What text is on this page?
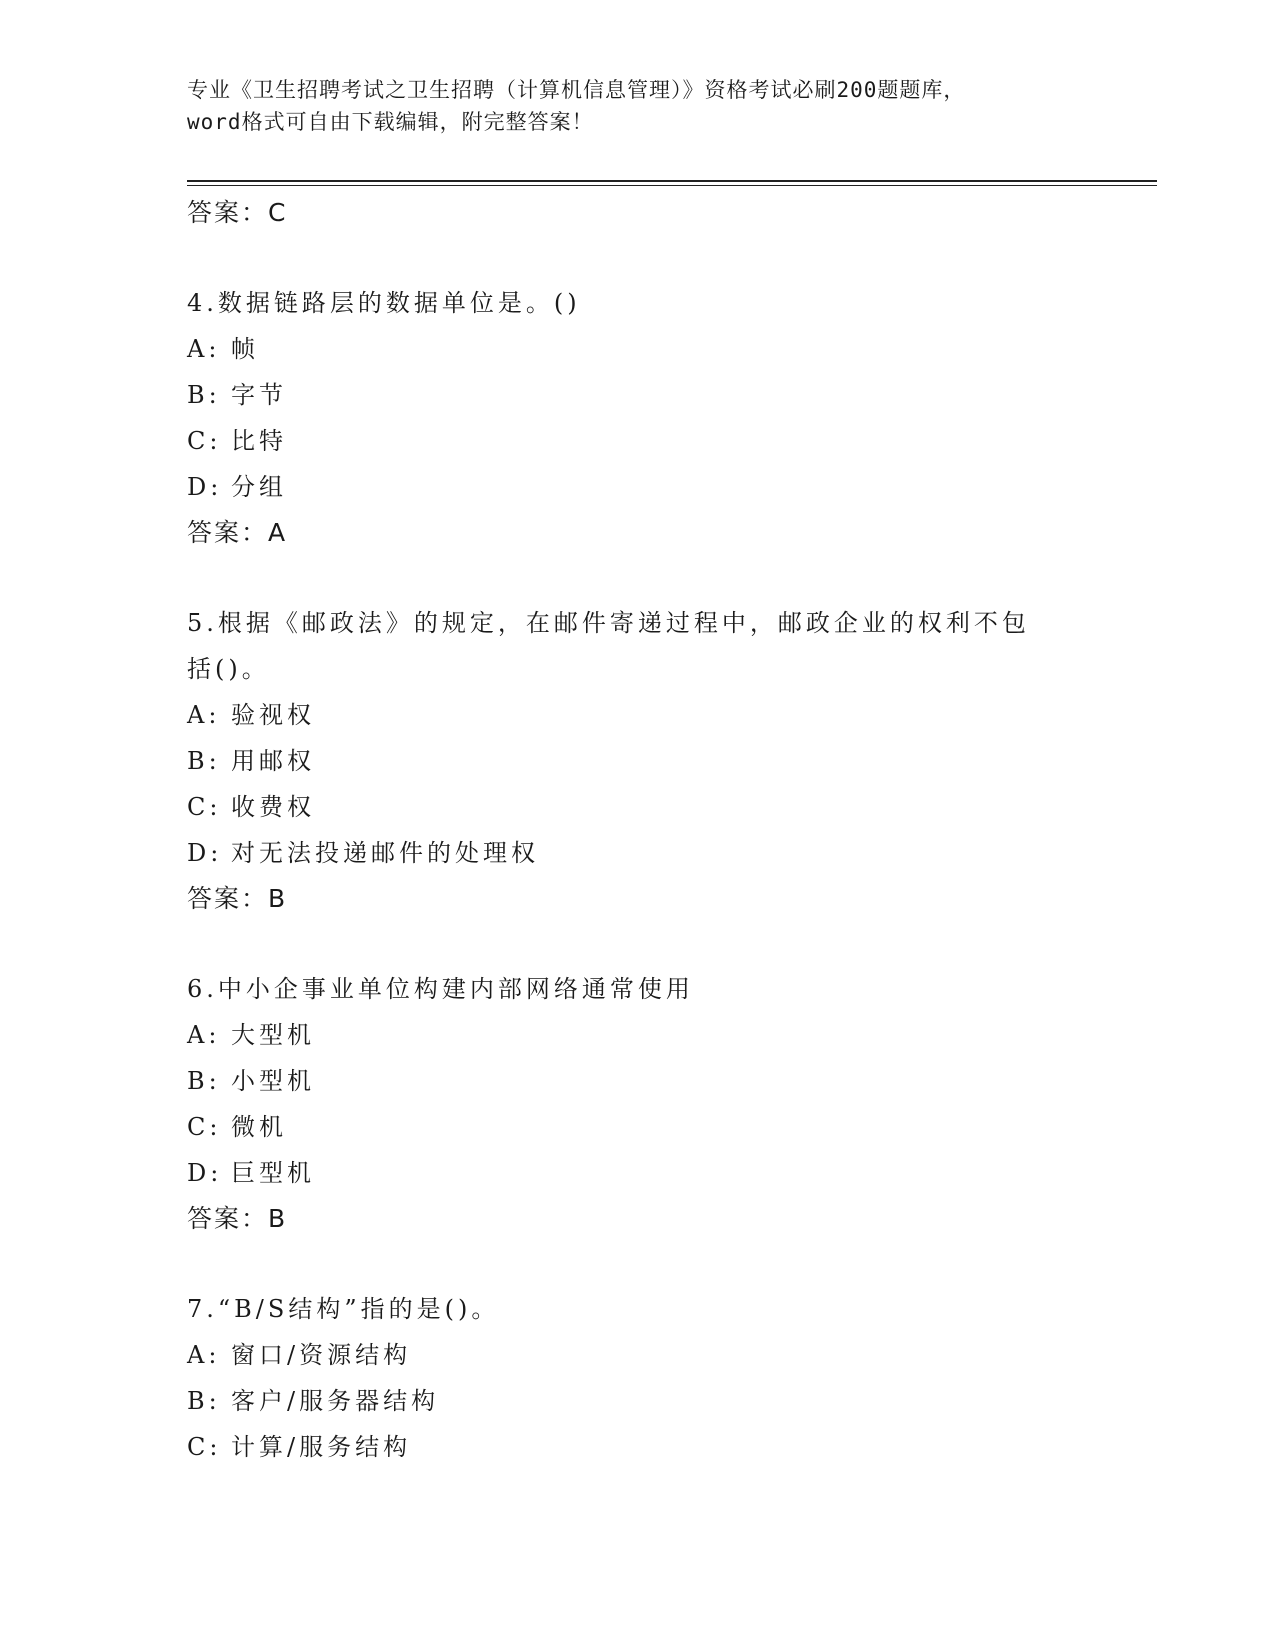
专业《卫生招聘考试之卫生招聘（计算机信息管理）》资格考试必刷200题题库，
word格式可自由下载编辑，附完整答案！
答案：C
4.数据链路层的数据单位是。()
A: 帧
B: 字节
C: 比特
D: 分组
答案：A
5.根据《邮政法》的规定，在邮件寄递过程中，邮政企业的权利不包
括()。
A: 验视权
B: 用邮权
C: 收费权
D: 对无法投递邮件的处理权
答案：B
6.中小企事业单位构建内部网络通常使用
A: 大型机
B: 小型机
C: 微机
D: 巨型机
答案：B
7.“B/S结构”指的是()。
A: 窗口/资源结构
B: 客户/服务器结构
C: 计算/服务结构
